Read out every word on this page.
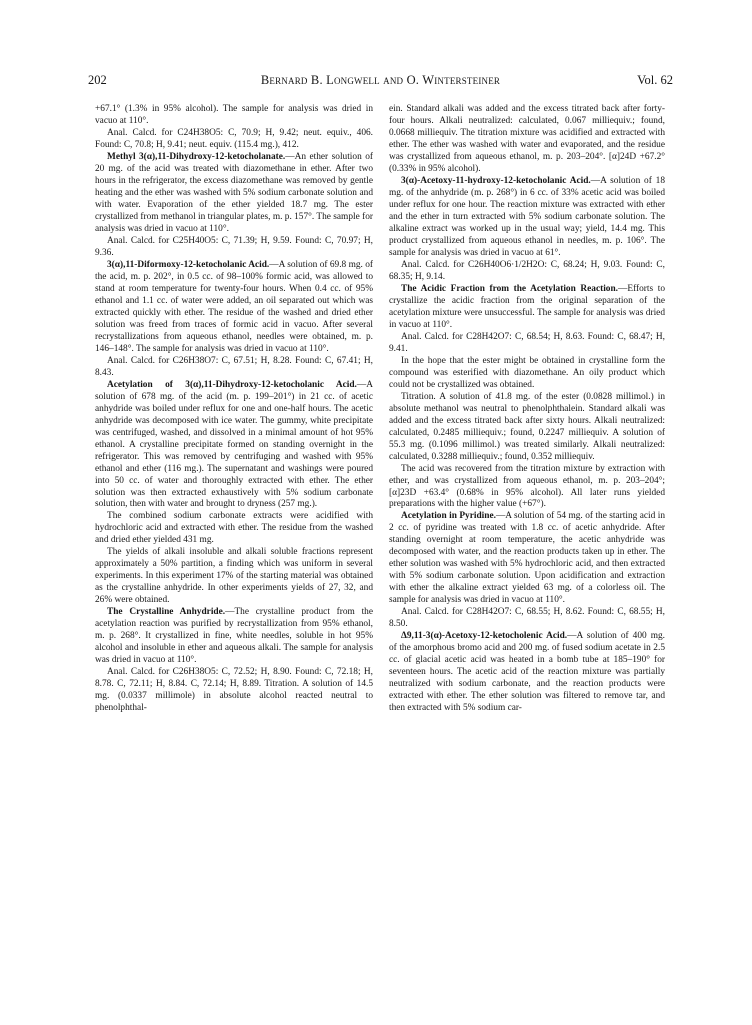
202	Bernard B. Longwell and O. Wintersteiner	Vol. 62

+67.1° (1.3% in 95% alcohol). The sample for analysis was dried in vacuo at 110°.

Anal. Calcd. for C24H38O5: C, 70.9; H, 9.42; neut. equiv., 406. Found: C, 70.8; H, 9.41; neut. equiv. (115.4 mg.), 412.

Methyl 3(α),11-Dihydroxy-12-ketocholanate.—An ether solution of 20 mg. of the acid was treated with diazomethane in ether. After two hours in the refrigerator, the excess diazomethane was removed by gentle heating and the ether was washed with 5% sodium carbonate solution and with water. Evaporation of the ether yielded 18.7 mg. The ester crystallized from methanol in triangular plates, m. p. 157°. The sample for analysis was dried in vacuo at 110°.

Anal. Calcd. for C25H40O5: C, 71.39; H, 9.59. Found: C, 70.97; H, 9.36.

3(α),11-Diformoxy-12-ketocholanic Acid.—A solution of 69.8 mg. of the acid, m. p. 202°, in 0.5 cc. of 98–100% formic acid, was allowed to stand at room temperature for twenty-four hours. When 0.4 cc. of 95% ethanol and 1.1 cc. of water were added, an oil separated out which was extracted quickly with ether. The residue of the washed and dried ether solution was freed from traces of formic acid in vacuo. After several recrystallizations from aqueous ethanol, needles were obtained, m. p. 146–148°. The sample for analysis was dried in vacuo at 110°.

Anal. Calcd. for C26H38O7: C, 67.51; H, 8.28. Found: C, 67.41; H, 8.43.

Acetylation of 3(α),11-Dihydroxy-12-ketocholanic Acid.—A solution of 678 mg. of the acid (m. p. 199–201°) in 21 cc. of acetic anhydride was boiled under reflux for one and one-half hours. The acetic anhydride was decomposed with ice water. The gummy, white precipitate was centrifuged, washed, and dissolved in a minimal amount of hot 95% ethanol. A crystalline precipitate formed on standing overnight in the refrigerator. This was removed by centrifuging and washed with 95% ethanol and ether (116 mg.). The supernatant and washings were poured into 50 cc. of water and thoroughly extracted with ether. The ether solution was then extracted exhaustively with 5% sodium carbonate solution, then with water and brought to dryness (257 mg.).

The combined sodium carbonate extracts were acidified with hydrochloric acid and extracted with ether. The residue from the washed and dried ether yielded 431 mg.

The yields of alkali insoluble and alkali soluble fractions represent approximately a 50% partition, a finding which was uniform in several experiments. In this experiment 17% of the starting material was obtained as the crystalline anhydride. In other experiments yields of 27, 32, and 26% were obtained.

The Crystalline Anhydride.—The crystalline product from the acetylation reaction was purified by recrystallization from 95% ethanol, m. p. 268°. It crystallized in fine, white needles, soluble in hot 95% alcohol and insoluble in ether and aqueous alkali. The sample for analysis was dried in vacuo at 110°.

Anal. Calcd. for C26H38O5: C, 72.52; H, 8.90. Found: C, 72.18; H, 8.78. C, 72.11; H, 8.84. C, 72.14; H, 8.89. Titration. A solution of 14.5 mg. (0.0337 millimole) in absolute alcohol reacted neutral to phenolphthal-

ein. Standard alkali was added and the excess titrated back after forty-four hours. Alkali neutralized: calculated, 0.067 milliequiv.; found, 0.0668 milliequiv. The titration mixture was acidified and extracted with ether. The ether was washed with water and evaporated, and the residue was crystallized from aqueous ethanol, m. p. 203–204°. [α]24D +67.2° (0.33% in 95% alcohol).

3(α)-Acetoxy-11-hydroxy-12-ketocholanic Acid.—A solution of 18 mg. of the anhydride (m. p. 268°) in 6 cc. of 33% acetic acid was boiled under reflux for one hour. The reaction mixture was extracted with ether and the ether in turn extracted with 5% sodium carbonate solution. The alkaline extract was worked up in the usual way; yield, 14.4 mg. This product crystallized from aqueous ethanol in needles, m. p. 106°. The sample for analysis was dried in vacuo at 61°.

Anal. Calcd. for C26H40O6·1/2H2O: C, 68.24; H, 9.03. Found: C, 68.35; H, 9.14.

The Acidic Fraction from the Acetylation Reaction.—Efforts to crystallize the acidic fraction from the original separation of the acetylation mixture were unsuccessful. The sample for analysis was dried in vacuo at 110°.

Anal. Calcd. for C28H42O7: C, 68.54; H, 8.63. Found: C, 68.47; H, 9.41.

In the hope that the ester might be obtained in crystalline form the compound was esterified with diazomethane. An oily product which could not be crystallized was obtained.

Titration. A solution of 41.8 mg. of the ester (0.0828 millimol.) in absolute methanol was neutral to phenolphthalein. Standard alkali was added and the excess titrated back after sixty hours. Alkali neutralized: calculated, 0.2485 milliequiv.; found, 0.2247 milliequiv. A solution of 55.3 mg. (0.1096 millimol.) was treated similarly. Alkali neutralized: calculated, 0.3288 milliequiv.; found, 0.352 milliequiv.

The acid was recovered from the titration mixture by extraction with ether, and was crystallized from aqueous ethanol, m. p. 203–204°; [α]23D +63.4° (0.68% in 95% alcohol). All later runs yielded preparations with the higher value (+67°).

Acetylation in Pyridine.—A solution of 54 mg. of the starting acid in 2 cc. of pyridine was treated with 1.8 cc. of acetic anhydride. After standing overnight at room temperature, the acetic anhydride was decomposed with water, and the reaction products taken up in ether. The ether solution was washed with 5% hydrochloric acid, and then extracted with 5% sodium carbonate solution. Upon acidification and extraction with ether the alkaline extract yielded 63 mg. of a colorless oil. The sample for analysis was dried in vacuo at 110°.

Anal. Calcd. for C28H42O7: C, 68.55; H, 8.62. Found: C, 68.55; H, 8.50.

Δ9,11-3(α)-Acetoxy-12-ketocholenic Acid.—A solution of 400 mg. of the amorphous bromo acid and 200 mg. of fused sodium acetate in 2.5 cc. of glacial acetic acid was heated in a bomb tube at 185–190° for seventeen hours. The acetic acid of the reaction mixture was partially neutralized with sodium carbonate, and the reaction products were extracted with ether. The ether solution was filtered to remove tar, and then extracted with 5% sodium car-
